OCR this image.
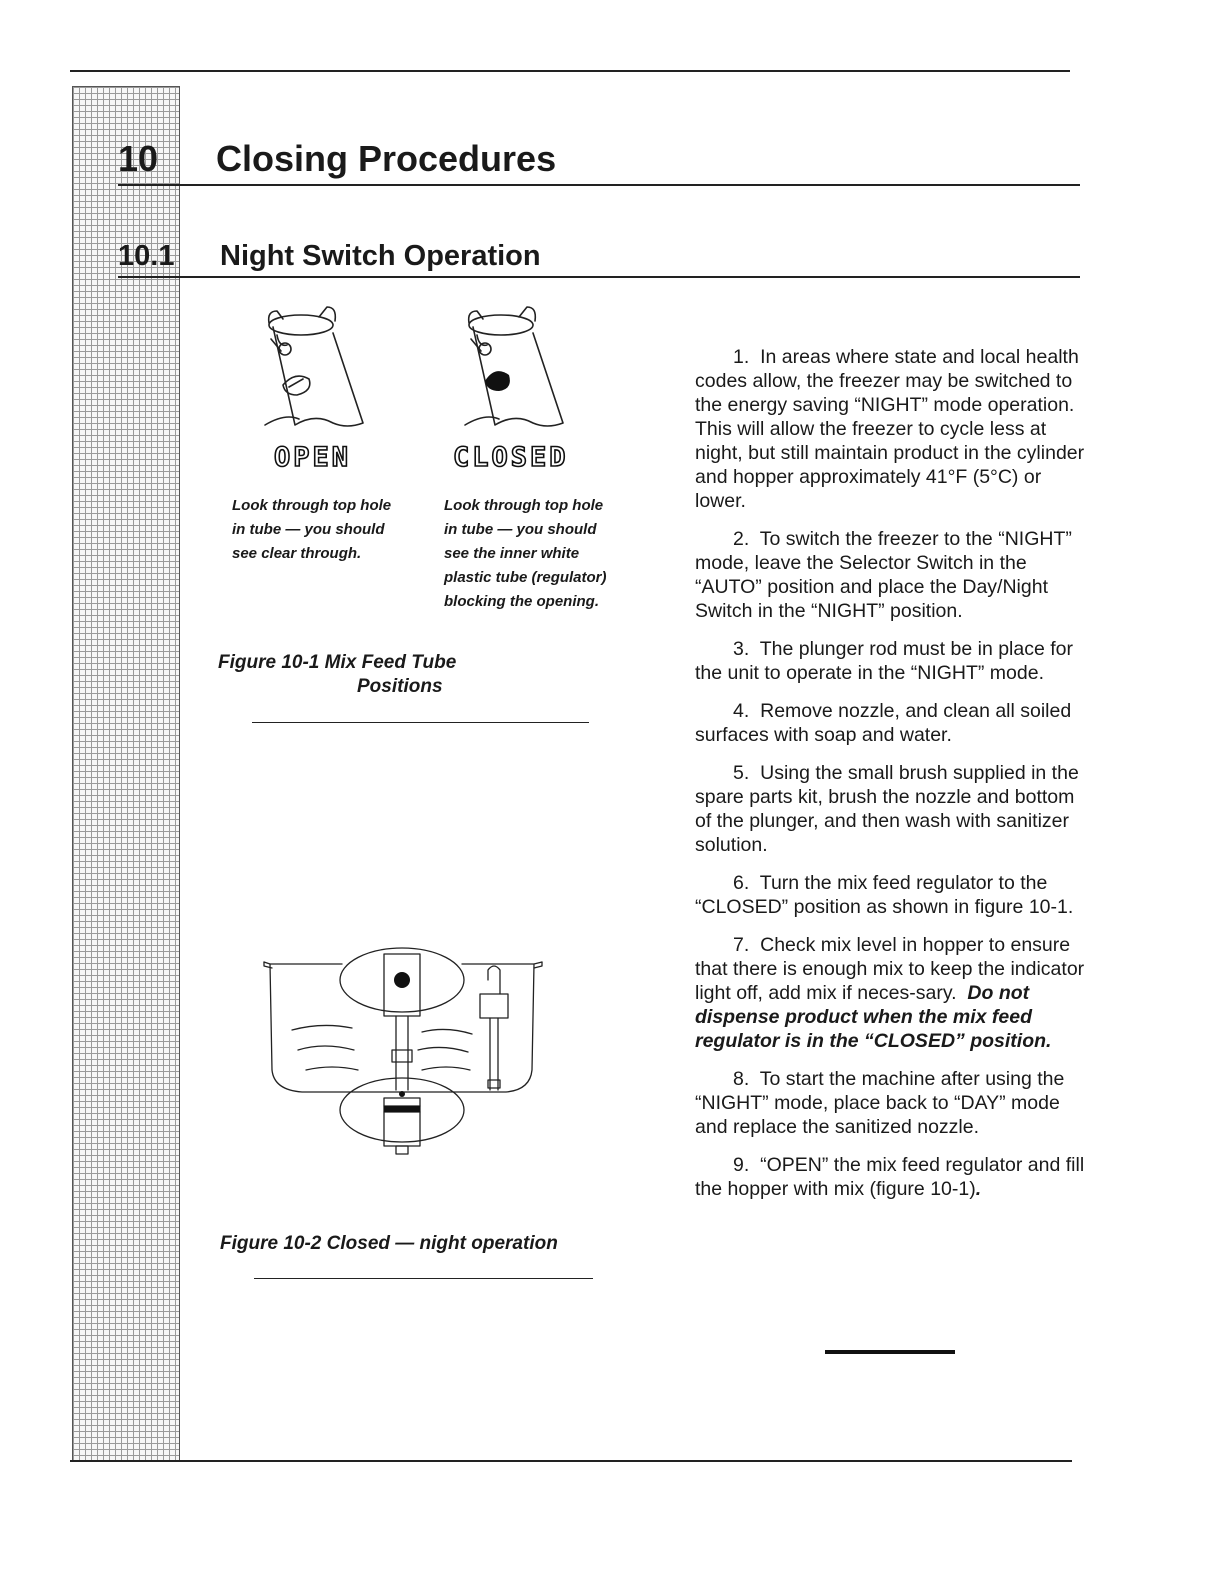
10 Closing Procedures
10.1 Night Switch Operation
OPEN	CLOSED
Look through top hole
in tube — you should
see clear through.
Look through top hole
in tube — you should
see the inner white
plastic tube (regulator)
blocking the opening.
Figure 10-1 Mix Feed Tube
Positions
Figure 10-2 Closed — night operation
1. In areas where state and local health codes allow, the freezer may be switched to the energy saving “NIGHT” mode operation. This will allow the freezer to cycle less at night, but still maintain product in the cylinder and hopper approximately 41°F (5°C) or lower.
2. To switch the freezer to the “NIGHT” mode, leave the Selector Switch in the “AUTO” position and place the Day/Night Switch in the “NIGHT” position.
3. The plunger rod must be in place for the unit to operate in the “NIGHT” mode.
4. Remove nozzle, and clean all soiled surfaces with soap and water.
5.  Using the small brush supplied in the spare parts kit, brush the nozzle and bottom of the plunger, and then wash with sanitizer solution.
6. Turn the mix feed regulator to the “CLOSED” position as shown in figure 10-1.
7. Check mix level in hopper to ensure that there is enough mix to keep the indicator light off, add mix if neces-sary. Do not dispense product when the mix feed regulator is in the “CLOSED” position.
8. To start the machine after using the “NIGHT” mode, place back to “DAY” mode and replace the sanitized nozzle.
9. “OPEN” the mix feed regulator and fill the hopper with mix (figure 10-1).
